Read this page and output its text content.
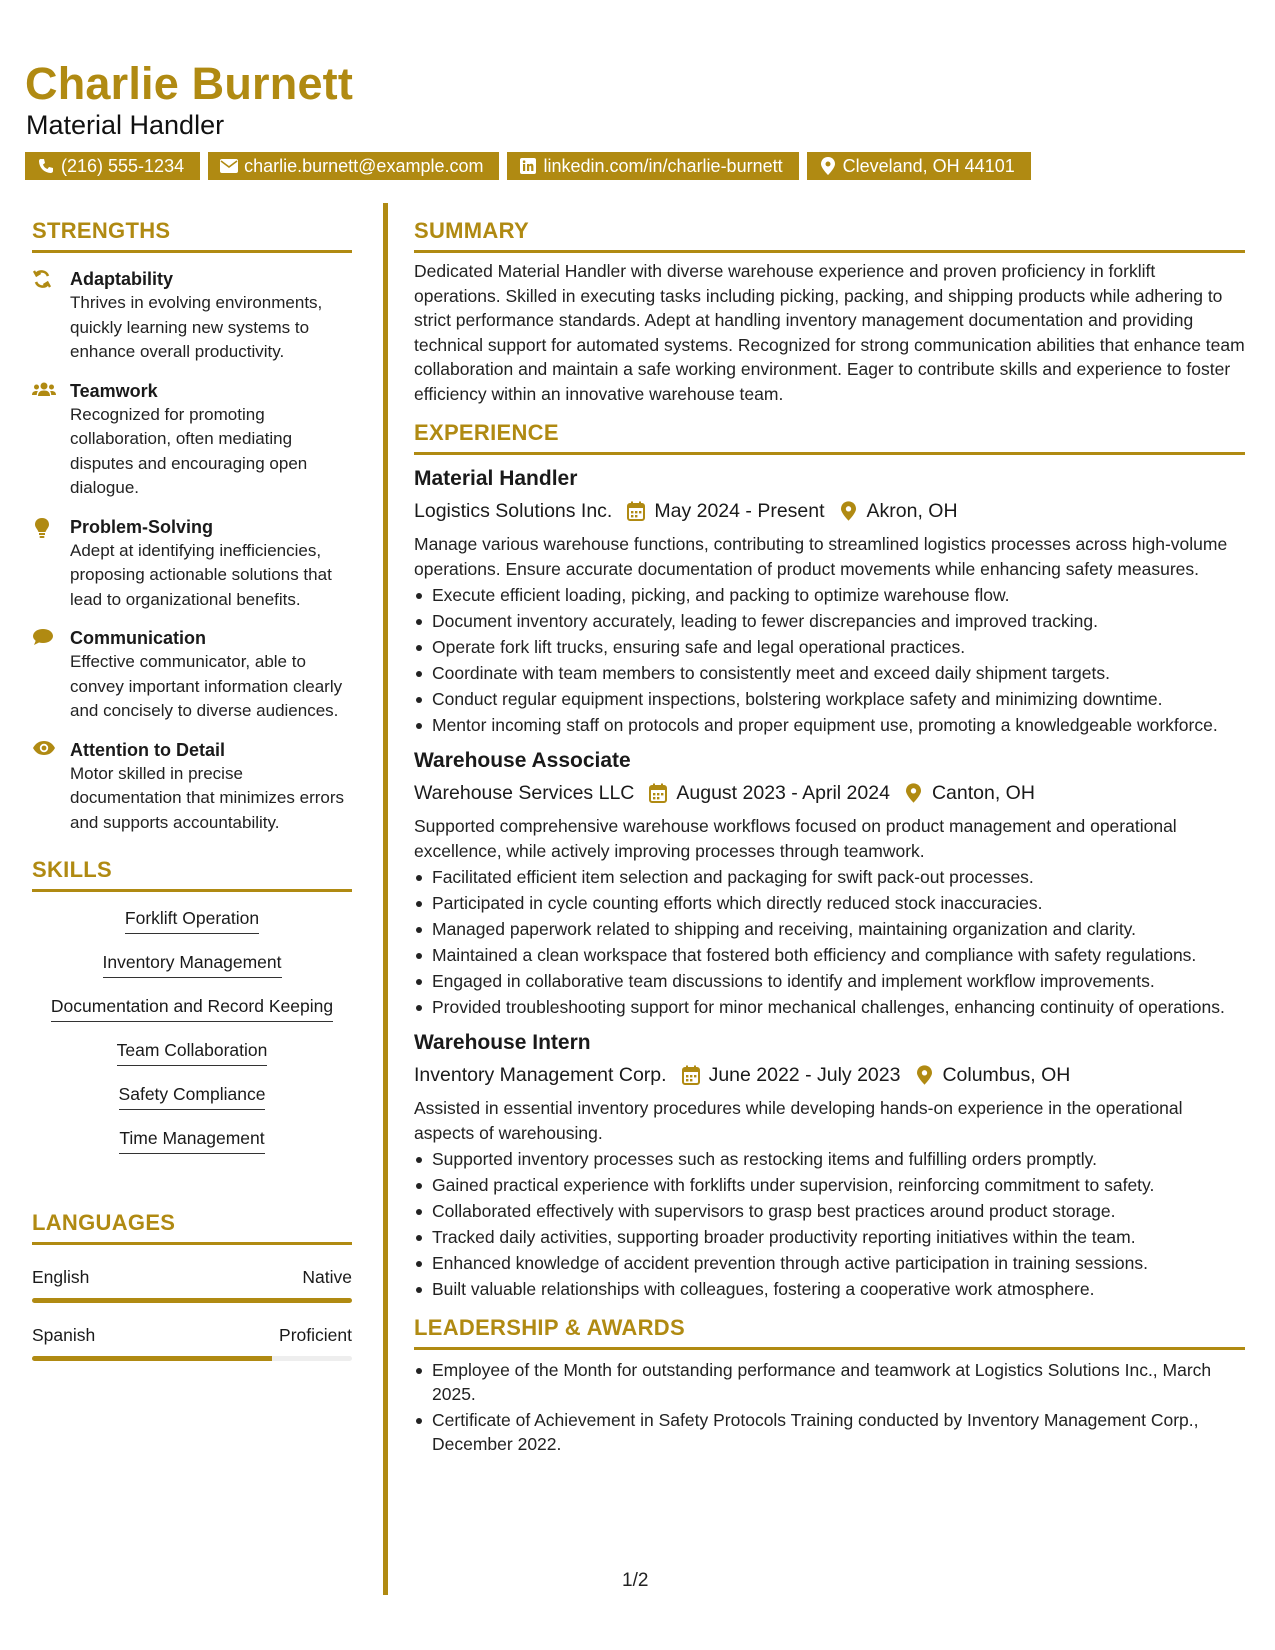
Charlie Burnett
Material Handler
(216) 555-1234	charlie.burnett@example.com	linkedin.com/in/charlie-burnett	Cleveland, OH 44101
STRENGTHS
Adaptability
Thrives in evolving environments, quickly learning new systems to enhance overall productivity.
Teamwork
Recognized for promoting collaboration, often mediating disputes and encouraging open dialogue.
Problem-Solving
Adept at identifying inefficiencies, proposing actionable solutions that lead to organizational benefits.
Communication
Effective communicator, able to convey important information clearly and concisely to diverse audiences.
Attention to Detail
Motor skilled in precise documentation that minimizes errors and supports accountability.
SKILLS
Forklift Operation
Inventory Management
Documentation and Record Keeping
Team Collaboration
Safety Compliance
Time Management
LANGUAGES
English	Native
Spanish	Proficient
SUMMARY
Dedicated Material Handler with diverse warehouse experience and proven proficiency in forklift operations. Skilled in executing tasks including picking, packing, and shipping products while adhering to strict performance standards. Adept at handling inventory management documentation and providing technical support for automated systems. Recognized for strong communication abilities that enhance team collaboration and maintain a safe working environment. Eager to contribute skills and experience to foster efficiency within an innovative warehouse team.
EXPERIENCE
Material Handler
Logistics Solutions Inc. May 2024 - Present Akron, OH
Manage various warehouse functions, contributing to streamlined logistics processes across high-volume operations. Ensure accurate documentation of product movements while enhancing safety measures.
Execute efficient loading, picking, and packing to optimize warehouse flow.
Document inventory accurately, leading to fewer discrepancies and improved tracking.
Operate fork lift trucks, ensuring safe and legal operational practices.
Coordinate with team members to consistently meet and exceed daily shipment targets.
Conduct regular equipment inspections, bolstering workplace safety and minimizing downtime.
Mentor incoming staff on protocols and proper equipment use, promoting a knowledgeable workforce.
Warehouse Associate
Warehouse Services LLC August 2023 - April 2024 Canton, OH
Supported comprehensive warehouse workflows focused on product management and operational excellence, while actively improving processes through teamwork.
Facilitated efficient item selection and packaging for swift pack-out processes.
Participated in cycle counting efforts which directly reduced stock inaccuracies.
Managed paperwork related to shipping and receiving, maintaining organization and clarity.
Maintained a clean workspace that fostered both efficiency and compliance with safety regulations.
Engaged in collaborative team discussions to identify and implement workflow improvements.
Provided troubleshooting support for minor mechanical challenges, enhancing continuity of operations.
Warehouse Intern
Inventory Management Corp. June 2022 - July 2023 Columbus, OH
Assisted in essential inventory procedures while developing hands-on experience in the operational aspects of warehousing.
Supported inventory processes such as restocking items and fulfilling orders promptly.
Gained practical experience with forklifts under supervision, reinforcing commitment to safety.
Collaborated effectively with supervisors to grasp best practices around product storage.
Tracked daily activities, supporting broader productivity reporting initiatives within the team.
Enhanced knowledge of accident prevention through active participation in training sessions.
Built valuable relationships with colleagues, fostering a cooperative work atmosphere.
LEADERSHIP & AWARDS
Employee of the Month for outstanding performance and teamwork at Logistics Solutions Inc., March 2025.
Certificate of Achievement in Safety Protocols Training conducted by Inventory Management Corp., December 2022.
1/2
